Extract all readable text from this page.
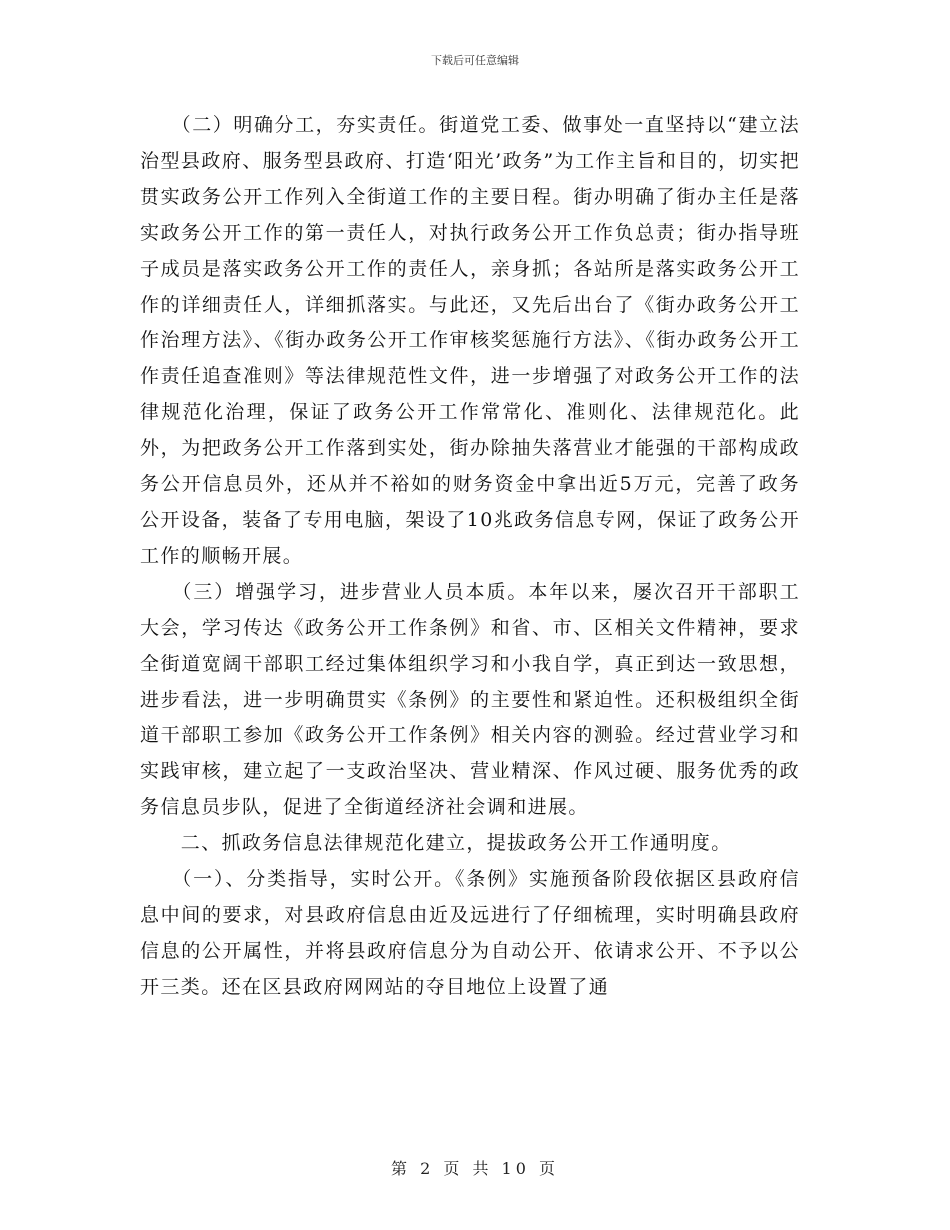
下载后可任意编辑

　　（二）明确分工，夯实责任。街道党工委、做事处一直坚持以“建立法治型县政府、服务型县政府、打造‘阳光’政务”为工作主旨和目的，切实把贯实政务公开工作列入全街道工作的主要日程。街办明确了街办主任是落实政务公开工作的第一责任人，对执行政务公开工作负总责；街办指导班子成员是落实政务公开工作的责任人，亲身抓；各站所是落实政务公开工作的详细责任人，详细抓落实。与此还，又先后出台了《街办政务公开工作治理方法》、《街办政务公开工作审核奖惩施行方法》、《街办政务公开工作责任追查准则》等法律规范性文件，进一步增强了对政务公开工作的法律规范化治理，保证了政务公开工作常常化、准则化、法律规范化。此外，为把政务公开工作落到实处，街办除抽失落营业才能强的干部构成政务公开信息员外，还从并不裕如的财务资金中拿出近5万元，完善了政务公开设备，装备了专用电脑，架设了10兆政务信息专网，保证了政务公开工作的顺畅开展。

　　（三）增强学习，进步营业人员本质。本年以来，屡次召开干部职工大会，学习传达《政务公开工作条例》和省、市、区相关文件精神，要求全街道宽阔干部职工经过集体组织学习和小我自学，真正到达一致思想，进步看法，进一步明确贯实《条例》的主要性和紧迫性。还积极组织全街道干部职工参加《政务公开工作条例》相关内容的测验。经过营业学习和实践审核，建立起了一支政治坚决、营业精深、作风过硬、服务优秀的政务信息员步队，促进了全街道经济社会调和进展。

　　二、抓政务信息法律规范化建立，提拔政务公开工作通明度。

　　（一）、分类指导，实时公开。《条例》实施预备阶段依据区县政府信息中间的要求，对县政府信息由近及远进行了仔细梳理，实时明确县政府信息的公开属性，并将县政府信息分为自动公开、依请求公开、不予以公开三类。还在区县政府网网站的夺目地位上设置了通

第 2 页 共 10 页
